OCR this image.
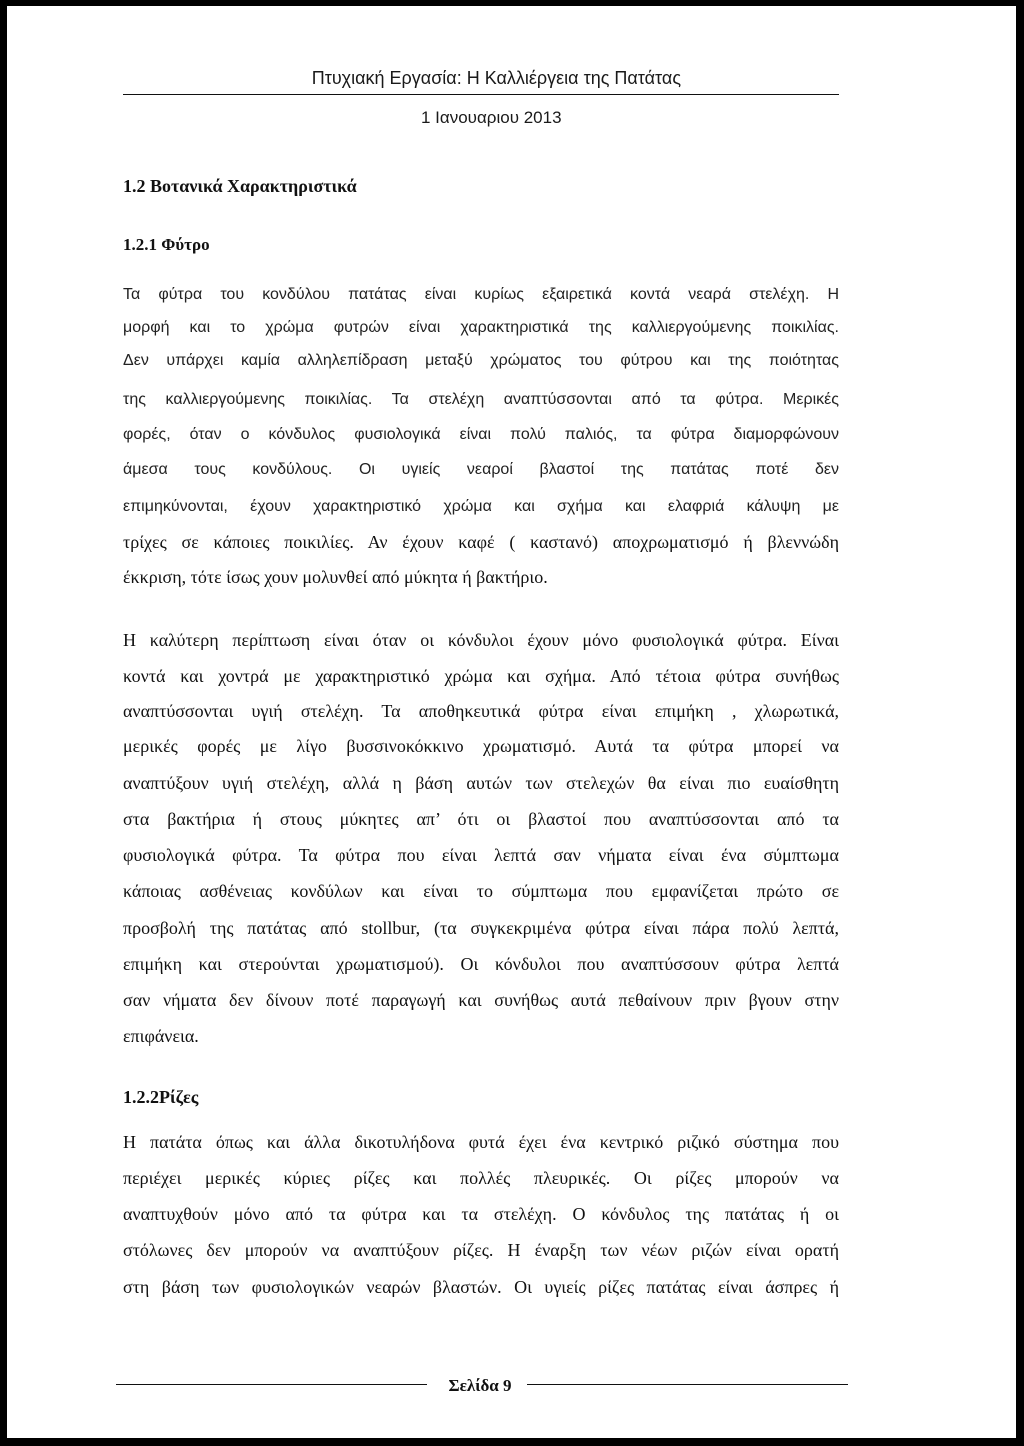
Πτυχιακή Εργασία: Η Καλλιέργεια της Πατάτας
1 Ιανουαριου 2013
1.2 Βοτανικά Χαρακτηριστικά
1.2.1 Φύτρο
Τα φύτρα του κονδύλου πατάτας είναι κυρίως εξαιρετικά κοντά νεαρά στελέχη. Η
μορφή και το χρώμα φυτρών είναι χαρακτηριστικά της καλλιεργούμενης ποικιλίας.
Δεν υπάρχει καμία αλληλεπίδραση μεταξύ χρώματος του φύτρου και της ποιότητας
της καλλιεργούμενης ποικιλίας. Τα στελέχη αναπτύσσονται από τα φύτρα. Μερικές
φορές, όταν ο κόνδυλος φυσιολογικά είναι πολύ παλιός, τα φύτρα διαμορφώνουν
άμεσα τους κονδύλους. Οι υγιείς νεαροί βλαστοί της πατάτας ποτέ δεν
επιμηκύνονται, έχουν χαρακτηριστικό χρώμα και σχήμα και ελαφριά κάλυψη με
τρίχες σε κάποιες ποικιλίες. Αν έχουν καφέ ( καστανό) αποχρωματισμό ή βλεννώδη
έκκριση, τότε ίσως χουν μολυνθεί από μύκητα ή βακτήριο.
Η καλύτερη περίπτωση είναι όταν οι κόνδυλοι έχουν μόνο φυσιολογικά φύτρα. Είναι
κοντά και χοντρά με χαρακτηριστικό χρώμα και σχήμα. Από τέτοια φύτρα συνήθως
αναπτύσσονται υγιή στελέχη. Τα αποθηκευτικά φύτρα είναι επιμήκη , χλωρωτικά,
μερικές φορές με λίγο βυσσινοκόκκινο χρωματισμό. Αυτά τα φύτρα μπορεί να
αναπτύξουν υγιή στελέχη, αλλά η βάση αυτών των στελεχών θα είναι πιο ευαίσθητη
στα βακτήρια ή στους μύκητες απ’ ότι οι βλαστοί που αναπτύσσονται από τα
φυσιολογικά φύτρα. Τα φύτρα που είναι λεπτά σαν νήματα είναι ένα σύμπτωμα
κάποιας ασθένειας κονδύλων και είναι το σύμπτωμα που εμφανίζεται πρώτο σε
προσβολή της πατάτας από stollbur, (τα συγκεκριμένα φύτρα είναι πάρα πολύ λεπτά,
επιμήκη και στερούνται χρωματισμού). Οι κόνδυλοι που αναπτύσσουν φύτρα λεπτά
σαν νήματα δεν δίνουν ποτέ παραγωγή και συνήθως αυτά πεθαίνουν πριν βγουν στην
επιφάνεια.
1.2.2Ρίζες
Η πατάτα όπως και άλλα δικοτυλήδονα φυτά έχει ένα κεντρικό ριζικό σύστημα που
περιέχει μερικές κύριες ρίζες και πολλές πλευρικές. Οι ρίζες μπορούν να
αναπτυχθούν μόνο από τα φύτρα και τα στελέχη. Ο κόνδυλος της πατάτας ή οι
στόλωνες δεν μπορούν να αναπτύξουν ρίζες. Η έναρξη των νέων ριζών είναι ορατή
στη βάση των φυσιολογικών νεαρών βλαστών. Οι υγιείς ρίζες πατάτας είναι άσπρες ή
Σελίδα 9
